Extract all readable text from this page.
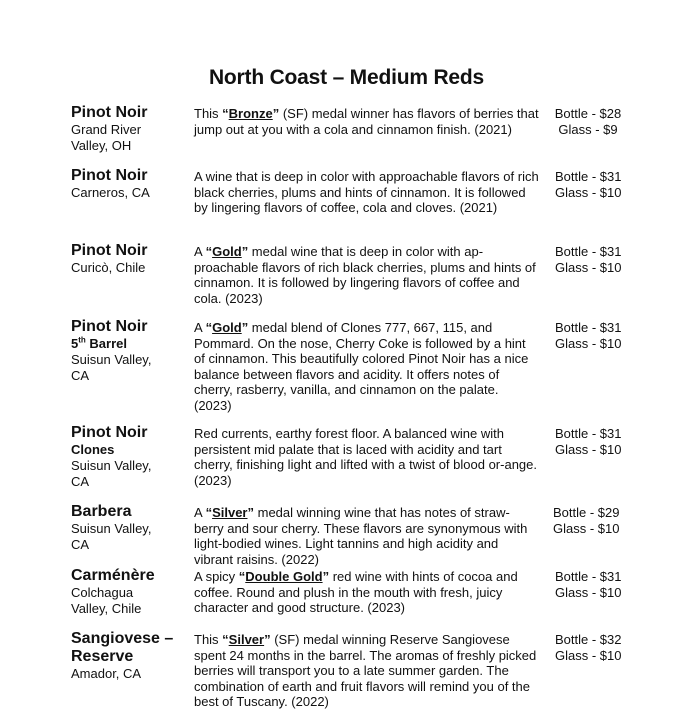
North Coast – Medium Reds
Pinot Noir
Grand River
Valley, OH
This “Bronze” (SF) medal winner has flavors of berries that jump out at you with a cola and cinnamon finish. (2021)
Bottle - $28
Glass - $9
Pinot Noir
Carneros, CA
A wine that is deep in color with approachable flavors of rich black cherries, plums and hints of cinnamon. It is followed by lingering flavors of coffee, cola and cloves. (2021)
Bottle - $31
Glass - $10
Pinot Noir
Curicò, Chile
A “Gold” medal wine that is deep in color with ap-proachable flavors of rich black cherries, plums and hints of cinnamon. It is followed by lingering flavors of coffee and cola. (2023)
Bottle - $31
Glass - $10
Pinot Noir
5th Barrel
Suisun Valley,
CA
A “Gold” medal blend of Clones 777, 667, 115, and Pommard. On the nose, Cherry Coke is followed by a hint of cinnamon. This beautifully colored Pinot Noir has a nice balance between flavors and acidity. It offers notes of cherry, rasberry, vanilla, and cinnamon on the palate. (2023)
Bottle - $31
Glass - $10
Pinot Noir
Clones
Suisun Valley,
CA
Red currents, earthy forest floor. A balanced wine with persistent mid palate that is laced with acidity and tart cherry, finishing light and lifted with a twist of blood or-ange. (2023)
Bottle - $31
Glass - $10
Barbera
Suisun Valley,
CA
A “Silver” medal winning wine that has notes of straw-berry and sour cherry. These flavors are synonymous with light-bodied wines. Light tannins and high acidity and vibrant raisins. (2022)
Bottle - $29
Glass - $10
Carménère
Colchagua
Valley, Chile
A spicy “Double Gold” red wine with hints of cocoa and coffee. Round and plush in the mouth with fresh, juicy character and good structure. (2023)
Bottle - $31
Glass - $10
Sangiovese – Reserve
Amador, CA
This “Silver” (SF) medal winning Reserve Sangiovese spent 24 months in the barrel. The aromas of freshly picked berries will transport you to a late summer garden. The combination of earth and fruit flavors will remind you of the best of Tuscany. (2022)
Bottle - $32
Glass - $10
